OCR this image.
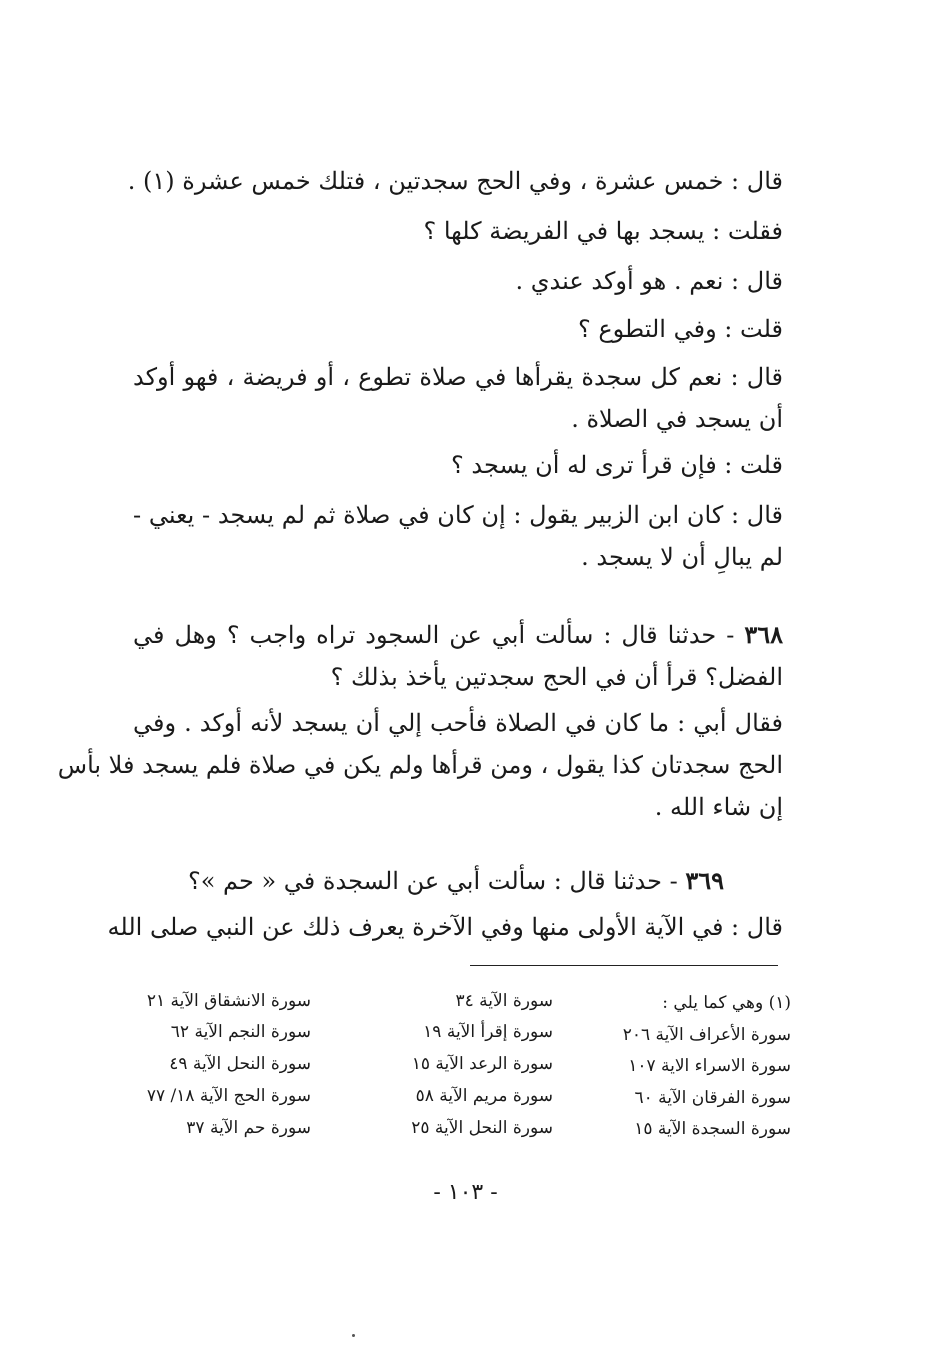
قال : خمس عشرة ، وفي الحج سجدتين ، فتلك خمس عشرة (١) .
فقلت : يسجد بها في الفريضة كلها ؟
قال : نعم . هو أوكد عندي .
قلت : وفي التطوع ؟
قال : نعم كل سجدة يقرأها في صلاة تطوع ، أو فريضة ، فهو أوكد
أن يسجد في الصلاة .
قلت : فإن قرأ ترى له أن يسجد ؟
قال : كان ابن الزبير يقول : إن كان في صلاة ثم لم يسجد - يعني -
لم يبالِ أن لا يسجد .
٣٦٨ - حدثنا قال : سألت أبي عن السجود تراه واجب ؟ وهل في
الفضل؟ قرأ أن في الحج سجدتين يأخذ بذلك ؟
فقال أبي : ما كان في الصلاة فأحب إلي أن يسجد لأنه أوكد . وفي
الحج سجدتان كذا يقول ، ومن قرأها ولم يكن في صلاة فلم يسجد فلا بأس
إن شاء الله .
٣٦٩ - حدثنا قال : سألت أبي عن السجدة في « حم »؟
قال : في الآية الأولى منها وفي الآخرة يعرف ذلك عن النبي صلى الله
(١) وهي كما يلي :
سورة الأعراف الآية ٢٠٦
سورة الاسراء الاية ١٠٧
سورة الفرقان الآية ٦٠
سورة السجدة الآية ١٥
سورة الآية ٣٤
سورة إقرأ الآية ١٩
سورة الرعد الآية ١٥
سورة مريم الآية ٥٨
سورة النحل الآية ٢٥
سورة الانشقاق الآية ٢١
سورة النجم الآية ٦٢
سورة النحل الآية ٤٩
سورة الحج الآية ١٨/ ٧٧
سورة حم الآية ٣٧
- ١٠٣ -
